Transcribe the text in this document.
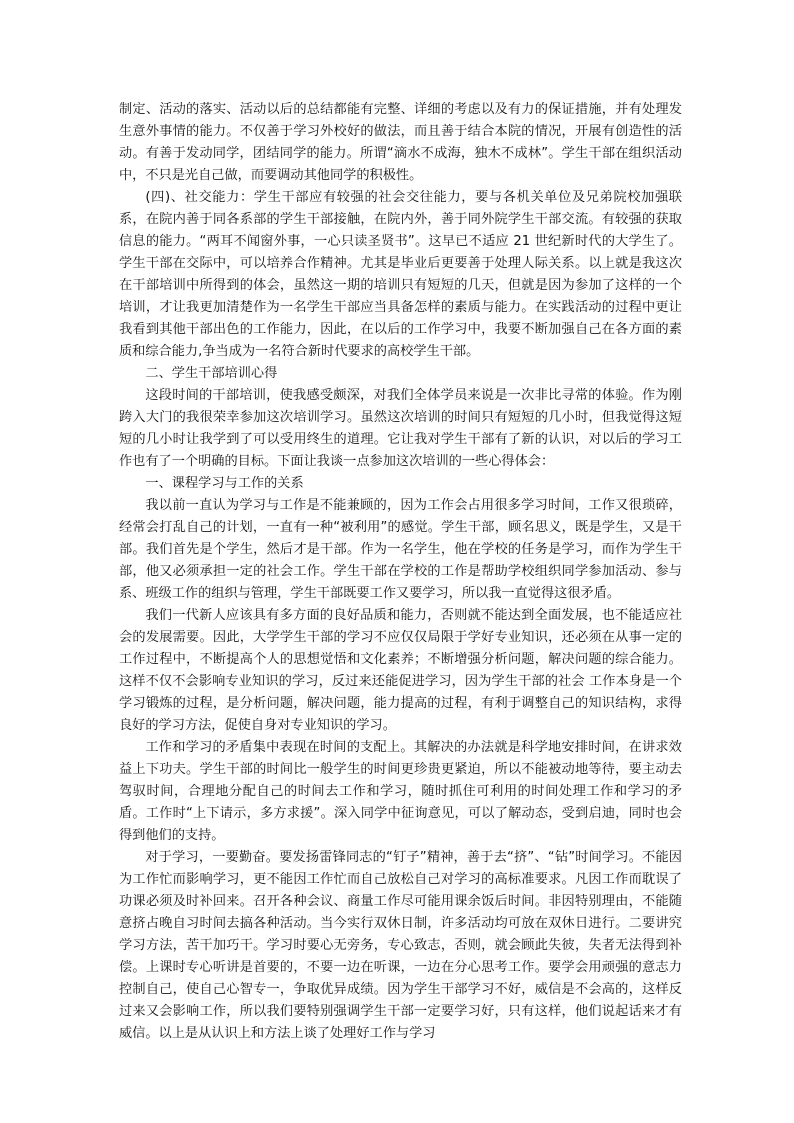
制定、活动的落实、活动以后的总结都能有完整、详细的考虑以及有力的保证措施，并有处理发生意外事情的能力。不仅善于学习外校好的做法，而且善于结合本院的情况，开展有创造性的活动。有善于发动同学，团结同学的能力。所谓“滴水不成海，独木不成林”。学生干部在组织活动中，不只是光自己做，而要调动其他同学的积极性。

(四)、社交能力：学生干部应有较强的社会交往能力，要与各机关单位及兄弟院校加强联系，在院内善于同各系部的学生干部接触，在院内外，善于同外院学生干部交流。有较强的获取信息的能力。“两耳不闻窗外事，一心只读圣贤书”。这早已不适应 21 世纪新时代的大学生了。学生干部在交际中，可以培养合作精神。尤其是毕业后更要善于处理人际关系。以上就是我这次在干部培训中所得到的体会，虽然这一期的培训只有短短的几天，但就是因为参加了这样的一个培训，才让我更加清楚作为一名学生干部应当具备怎样的素质与能力。在实践活动的过程中更让我看到其他干部出色的工作能力，因此，在以后的工作学习中，我要不断加强自己在各方面的素质和综合能力,争当成为一名符合新时代要求的高校学生干部。

二、学生干部培训心得

这段时间的干部培训，使我感受颇深，对我们全体学员来说是一次非比寻常的体验。作为刚跨入大门的我很荣幸参加这次培训学习。虽然这次培训的时间只有短短的几小时，但我觉得这短短的几小时让我学到了可以受用终生的道理。它让我对学生干部有了新的认识，对以后的学习工作也有了一个明确的目标。下面让我谈一点参加这次培训的一些心得体会：

一、课程学习与工作的关系

我以前一直认为学习与工作是不能兼顾的，因为工作会占用很多学习时间，工作又很琐碎，经常会打乱自己的计划，一直有一种“被利用”的感觉。学生干部，顾名思义，既是学生，又是干部。我们首先是个学生，然后才是干部。作为一名学生，他在学校的任务是学习，而作为学生干部，他又必须承担一定的社会工作。学生干部在学校的工作是帮助学校组织同学参加活动、参与系、班级工作的组织与管理，学生干部既要工作又要学习，所以我一直觉得这很矛盾。

我们一代新人应该具有多方面的良好品质和能力，否则就不能达到全面发展，也不能适应社会的发展需要。因此，大学学生干部的学习不应仅仅局限于学好专业知识，还必须在从事一定的工作过程中，不断提高个人的思想觉悟和文化素养；不断增强分析问题，解决问题的综合能力。这样不仅不会影响专业知识的学习，反过来还能促进学习，因为学生干部的社会 工作本身是一个学习锻炼的过程，是分析问题，解决问题，能力提高的过程，有利于调整自己的知识结构，求得良好的学习方法，促使自身对专业知识的学习。

工作和学习的矛盾集中表现在时间的支配上。其解决的办法就是科学地安排时间，在讲求效益上下功夫。学生干部的时间比一般学生的时间更珍贵更紧迫，所以不能被动地等待，要主动去驾驭时间，合理地分配自己的时间去工作和学习，随时抓住可利用的时间处理工作和学习的矛盾。工作时“上下请示，多方求援”。深入同学中征询意见，可以了解动态，受到启迪，同时也会得到他们的支持。

对于学习，一要勤奋。要发扬雷锋同志的“钉子”精神，善于去“挤”、“钻”时间学习。不能因为工作忙而影响学习，更不能因工作忙而自己放松自己对学习的高标准要求。凡因工作而耽误了功课必须及时补回来。召开各种会议、商量工作尽可能用课余饭后时间。非因特别理由，不能随意挤占晚自习时间去搞各种活动。当今实行双休日制，许多活动均可放在双休日进行。二要讲究学习方法，苦干加巧干。学习时要心无旁务，专心致志，否则，就会顾此失彼，失者无法得到补偿。上课时专心听讲是首要的，不要一边在听课，一边在分心思考工作。要学会用顽强的意志力控制自己，使自己心智专一，争取优异成绩。因为学生干部学习不好，威信是不会高的，这样反过来又会影响工作，所以我们要特别强调学生干部一定要学习好，只有这样，他们说起话来才有威信。以上是从认识上和方法上谈了处理好工作与学习
